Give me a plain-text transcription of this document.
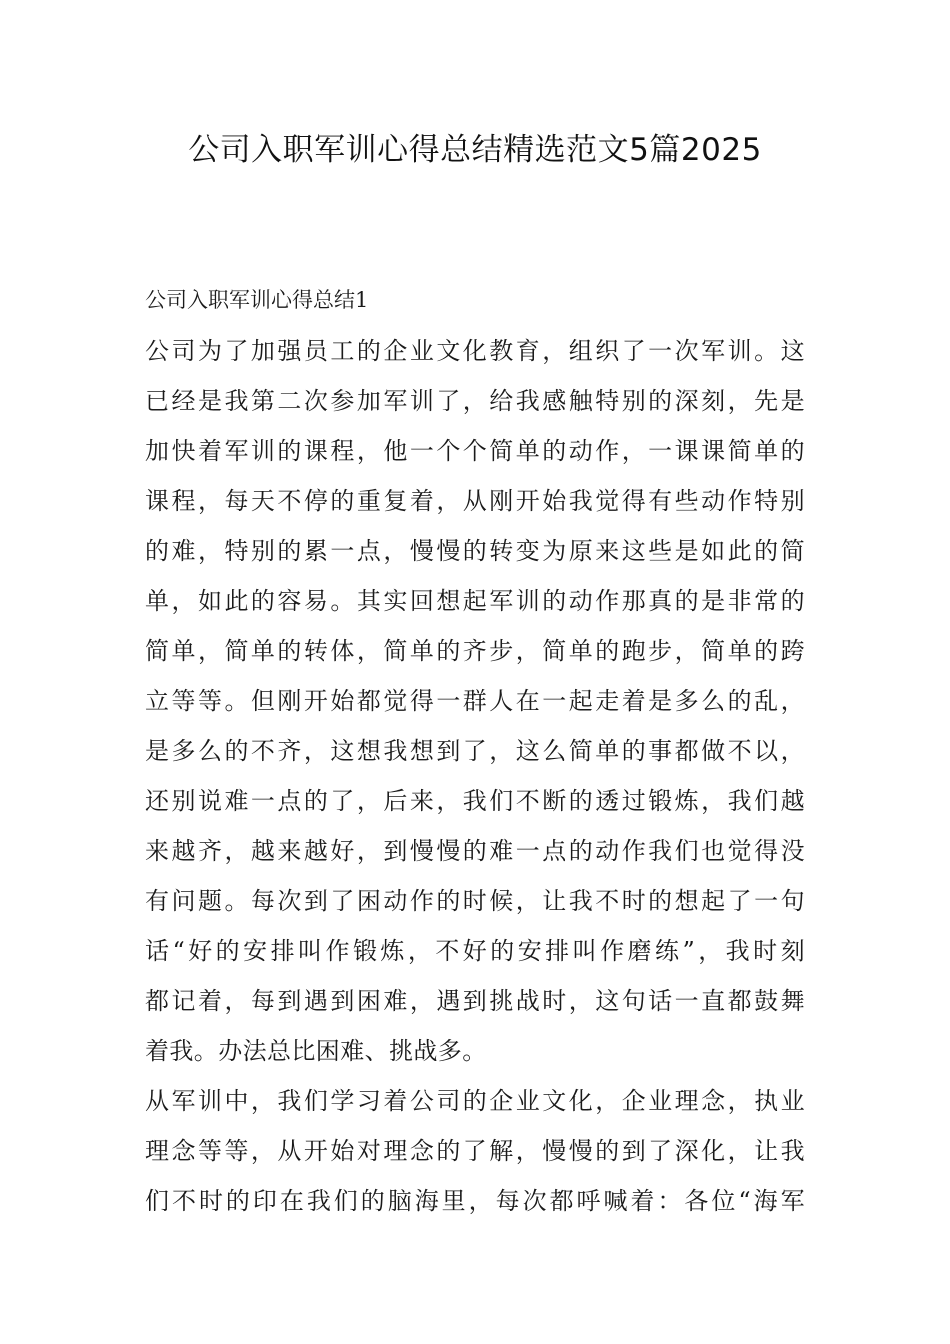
公司入职军训心得总结精选范文5篇2025
公司入职军训心得总结1
公司为了加强员工的企业文化教育，组织了一次军训。这
已经是我第二次参加军训了，给我感触特别的深刻，先是
加快着军训的课程，他一个个简单的动作，一课课简单的
课程，每天不停的重复着，从刚开始我觉得有些动作特别
的难，特别的累一点，慢慢的转变为原来这些是如此的简
单，如此的容易。其实回想起军训的动作那真的是非常的
简单，简单的转体，简单的齐步，简单的跑步，简单的跨
立等等。但刚开始都觉得一群人在一起走着是多么的乱，
是多么的不齐，这想我想到了，这么简单的事都做不以，
还别说难一点的了，后来，我们不断的透过锻炼，我们越
来越齐，越来越好，到慢慢的难一点的动作我们也觉得没
有问题。每次到了困动作的时候，让我不时的想起了一句
话“好的安排叫作锻炼，不好的安排叫作磨练”，我时刻
都记着，每到遇到困难，遇到挑战时，这句话一直都鼓舞
着我。办法总比困难、挑战多。
从军训中，我们学习着公司的企业文化，企业理念，执业
理念等等，从开始对理念的了解，慢慢的到了深化，让我
们不时的印在我们的脑海里，每次都呼喊着：各位“海军
